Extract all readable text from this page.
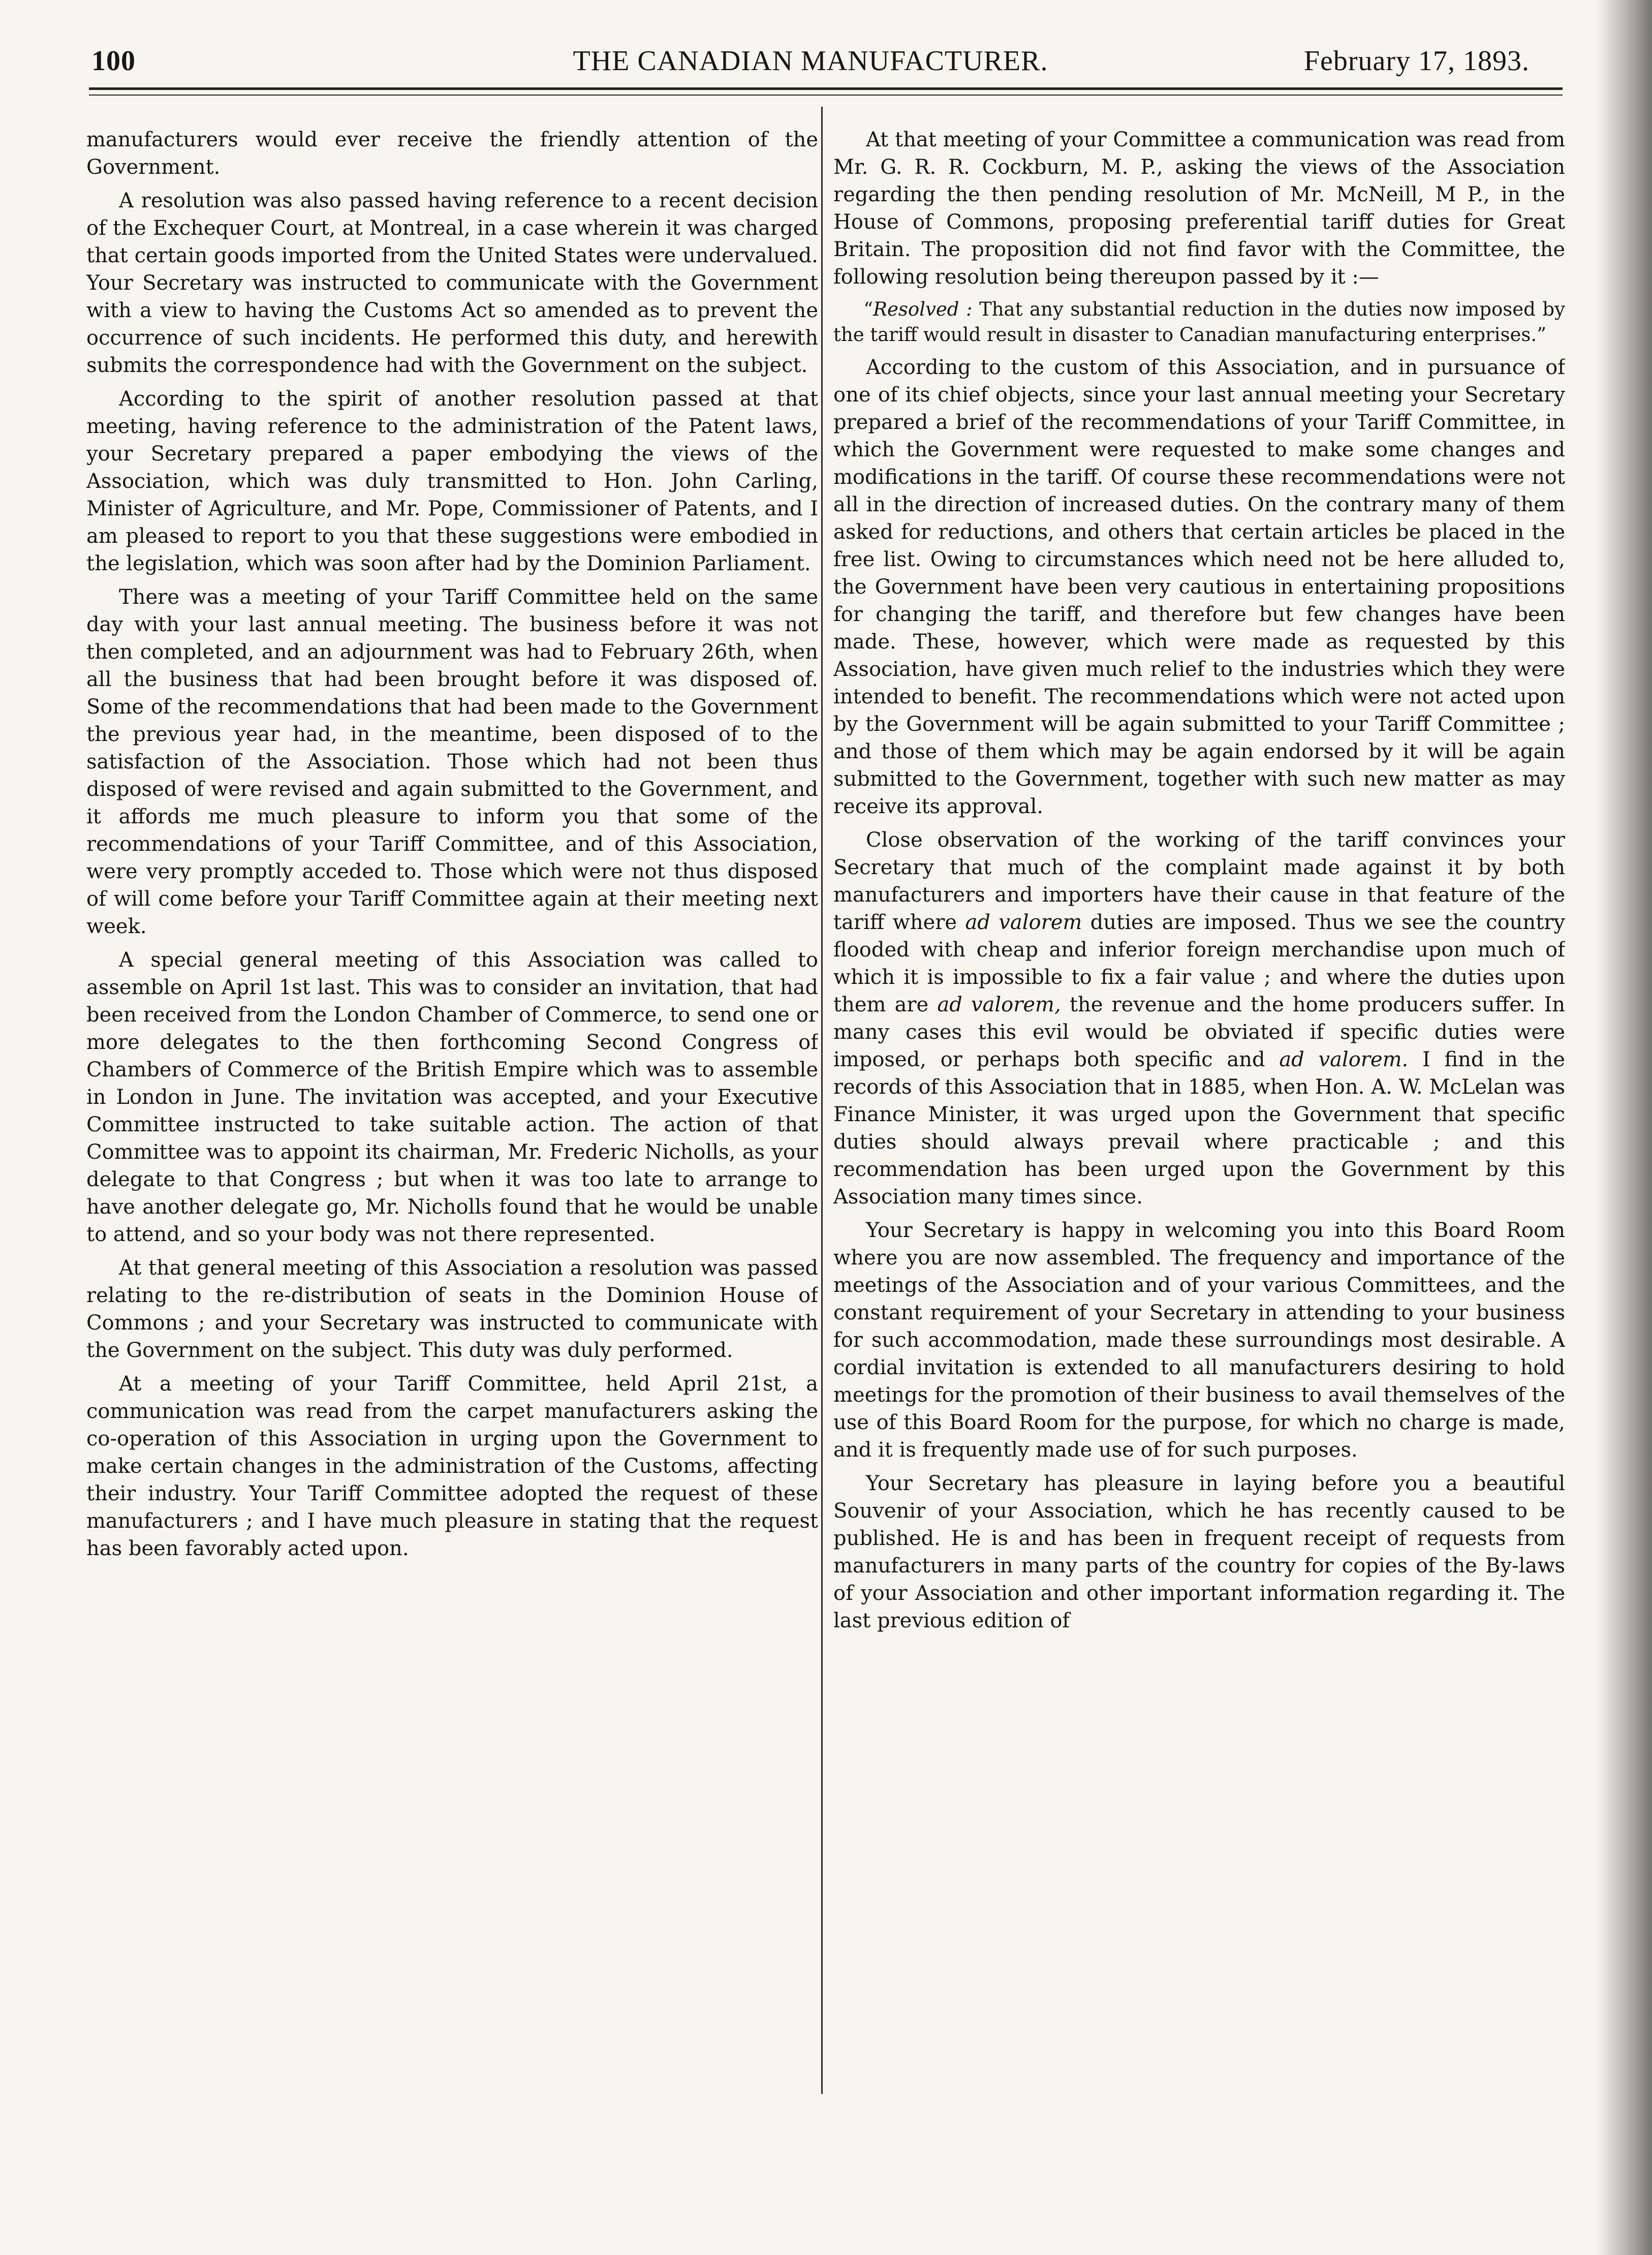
100	THE CANADIAN MANUFACTURER.	February 17, 1893.

manufacturers would ever receive the friendly attention of the Government.

A resolution was also passed having reference to a recent decision of the Exchequer Court, at Montreal, in a case wherein it was charged that certain goods imported from the United States were undervalued. Your Secretary was instructed to communicate with the Government with a view to having the Customs Act so amended as to prevent the occurrence of such incidents. He performed this duty, and herewith submits the correspondence had with the Government on the subject.

According to the spirit of another resolution passed at that meeting, having reference to the administration of the Patent laws, your Secretary prepared a paper embodying the views of the Association, which was duly transmitted to Hon. John Carling, Minister of Agriculture, and Mr. Pope, Commissioner of Patents, and I am pleased to report to you that these suggestions were embodied in the legislation, which was soon after had by the Dominion Parliament.

There was a meeting of your Tariff Committee held on the same day with your last annual meeting. The business before it was not then completed, and an adjournment was had to February 26th, when all the business that had been brought before it was disposed of. Some of the recommendations that had been made to the Government the previous year had, in the meantime, been disposed of to the satisfaction of the Association. Those which had not been thus disposed of were revised and again submitted to the Government, and it affords me much pleasure to inform you that some of the recommendations of your Tariff Committee, and of this Association, were very promptly acceded to. Those which were not thus disposed of will come before your Tariff Committee again at their meeting next week.

A special general meeting of this Association was called to assemble on April 1st last. This was to consider an invitation, that had been received from the London Chamber of Commerce, to send one or more delegates to the then forthcoming Second Congress of Chambers of Commerce of the British Empire which was to assemble in London in June. The invitation was accepted, and your Executive Committee instructed to take suitable action. The action of that Committee was to appoint its chairman, Mr. Frederic Nicholls, as your delegate to that Congress ; but when it was too late to arrange to have another delegate go, Mr. Nicholls found that he would be unable to attend, and so your body was not there represented.

At that general meeting of this Association a resolution was passed relating to the re-distribution of seats in the Dominion House of Commons ; and your Secretary was instructed to communicate with the Government on the subject. This duty was duly performed.

At a meeting of your Tariff Committee, held April 21st, a communication was read from the carpet manufacturers asking the co-operation of this Association in urging upon the Government to make certain changes in the administration of the Customs, affecting their industry. Your Tariff Committee adopted the request of these manufacturers ; and I have much pleasure in stating that the request has been favorably acted upon.

At that meeting of your Committee a communication was read from Mr. G. R. R. Cockburn, M. P., asking the views of the Association regarding the then pending resolution of Mr. McNeill, M P., in the House of Commons, proposing preferential tariff duties for Great Britain. The proposition did not find favor with the Committee, the following resolution being thereupon passed by it :—

“Resolved : That any substantial reduction in the duties now imposed by the tariff would result in disaster to Canadian manufacturing enterprises.”

According to the custom of this Association, and in pursuance of one of its chief objects, since your last annual meeting your Secretary prepared a brief of the recommendations of your Tariff Committee, in which the Government were requested to make some changes and modifications in the tariff. Of course these recommendations were not all in the direction of increased duties. On the contrary many of them asked for reductions, and others that certain articles be placed in the free list. Owing to circumstances which need not be here alluded to, the Government have been very cautious in entertaining propositions for changing the tariff, and therefore but few changes have been made. These, however, which were made as requested by this Association, have given much relief to the industries which they were intended to benefit. The recommendations which were not acted upon by the Government will be again submitted to your Tariff Committee ; and those of them which may be again endorsed by it will be again submitted to the Government, together with such new matter as may receive its approval.

Close observation of the working of the tariff convinces your Secretary that much of the complaint made against it by both manufacturers and importers have their cause in that feature of the tariff where ad valorem duties are imposed. Thus we see the country flooded with cheap and inferior foreign merchandise upon much of which it is impossible to fix a fair value ; and where the duties upon them are ad valorem, the revenue and the home producers suffer. In many cases this evil would be obviated if specific duties were imposed, or perhaps both specific and ad valorem. I find in the records of this Association that in 1885, when Hon. A. W. McLelan was Finance Minister, it was urged upon the Government that specific duties should always prevail where practicable ; and this recommendation has been urged upon the Government by this Association many times since.

Your Secretary is happy in welcoming you into this Board Room where you are now assembled. The frequency and importance of the meetings of the Association and of your various Committees, and the constant requirement of your Secretary in attending to your business for such accommodation, made these surroundings most desirable. A cordial invitation is extended to all manufacturers desiring to hold meetings for the promotion of their business to avail themselves of the use of this Board Room for the purpose, for which no charge is made, and it is frequently made use of for such purposes.

Your Secretary has pleasure in laying before you a beautiful Souvenir of your Association, which he has recently caused to be published. He is and has been in frequent receipt of requests from manufacturers in many parts of the country for copies of the By-laws of your Association and other important information regarding it. The last previous edition of
